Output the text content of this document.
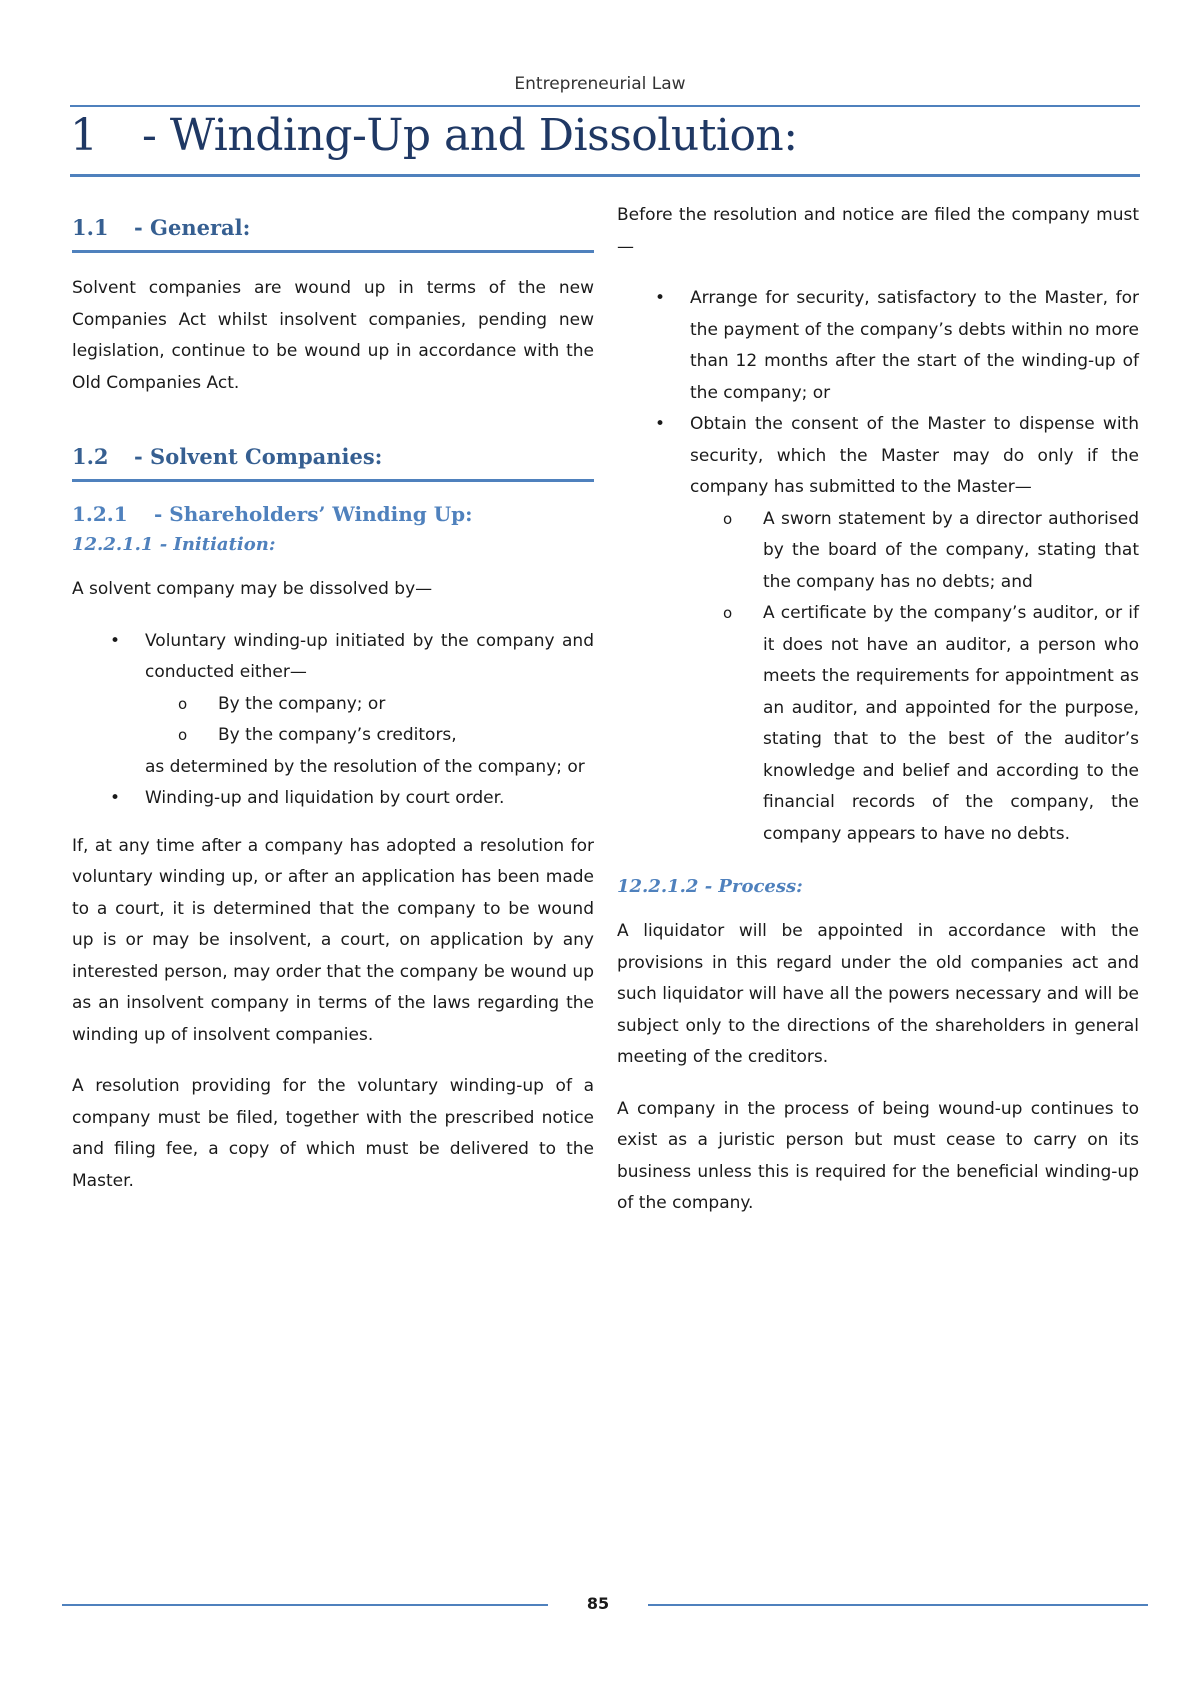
Entrepreneurial Law
1 - Winding-Up and Dissolution:
1.1 - General:

Solvent companies are wound up in terms of the new Companies Act whilst insolvent companies, pending new legislation, continue to be wound up in accordance with the Old Companies Act.

1.2 - Solvent Companies:
1.2.1 - Shareholders’ Winding Up:
12.2.1.1 - Initiation:

A solvent company may be dissolved by—

• Voluntary winding-up initiated by the company and conducted either—
o By the company; or
o By the company’s creditors,
as determined by the resolution of the company; or
• Winding-up and liquidation by court order.

If, at any time after a company has adopted a resolution for voluntary winding up, or after an application has been made to a court, it is determined that the company to be wound up is or may be insolvent, a court, on application by any interested person, may order that the company be wound up as an insolvent company in terms of the laws regarding the winding up of insolvent companies.

A resolution providing for the voluntary winding-up of a company must be filed, together with the prescribed notice and filing fee, a copy of which must be delivered to the Master.

Before the resolution and notice are filed the company must—

• Arrange for security, satisfactory to the Master, for the payment of the company’s debts within no more than 12 months after the start of the winding-up of the company; or
• Obtain the consent of the Master to dispense with security, which the Master may do only if the company has submitted to the Master—
o A sworn statement by a director authorised by the board of the company, stating that the company has no debts; and
o A certificate by the company’s auditor, or if it does not have an auditor, a person who meets the requirements for appointment as an auditor, and appointed for the purpose, stating that to the best of the auditor’s knowledge and belief and according to the financial records of the company, the company appears to have no debts.
12.2.1.2 - Process:

A liquidator will be appointed in accordance with the provisions in this regard under the old companies act and such liquidator will have all the powers necessary and will be subject only to the directions of the shareholders in general meeting of the creditors.

A company in the process of being wound-up continues to exist as a juristic person but must cease to carry on its business unless this is required for the beneficial winding-up of the company.

85
